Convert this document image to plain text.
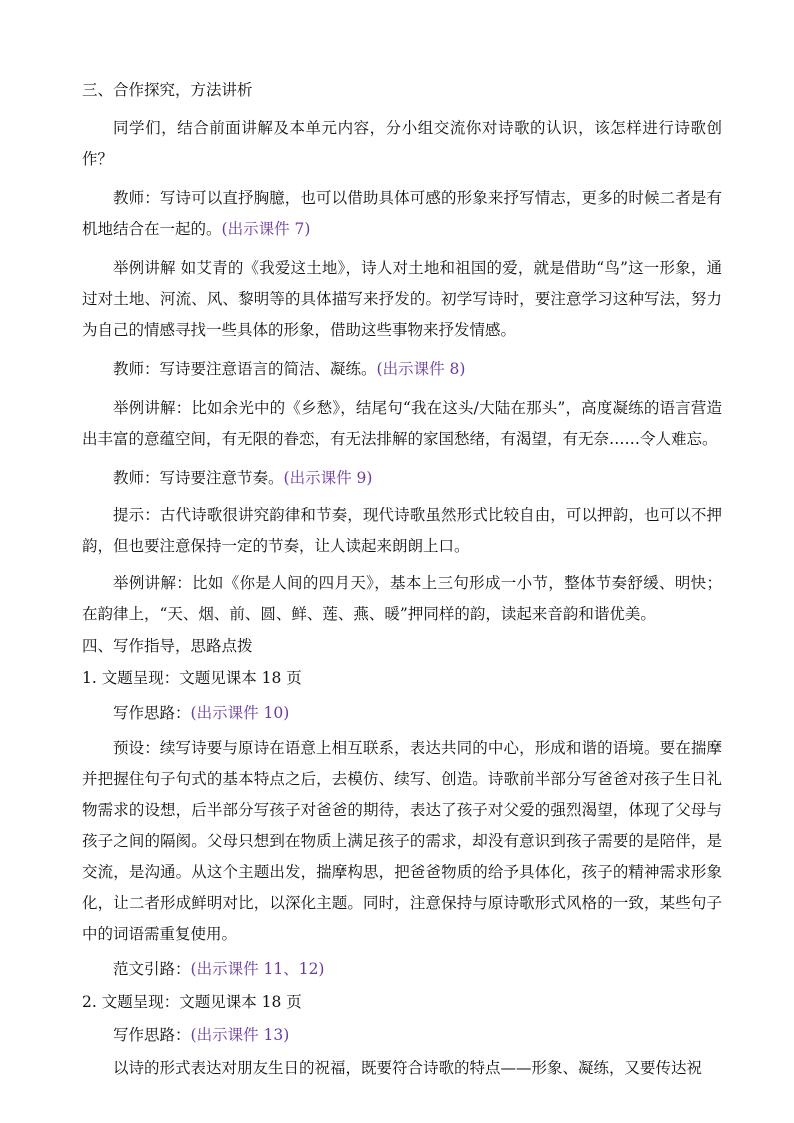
三、合作探究，方法讲析

同学们，结合前面讲解及本单元内容，分小组交流你对诗歌的认识，该怎样进行诗歌创作？

教师：写诗可以直抒胸臆，也可以借助具体可感的形象来抒写情志，更多的时候二者是有机地结合在一起的。(出示课件 7)

举例讲解 如艾青的《我爱这土地》，诗人对土地和祖国的爱，就是借助“鸟”这一形象，通过对土地、河流、风、黎明等的具体描写来抒发的。初学写诗时，要注意学习这种写法，努力为自己的情感寻找一些具体的形象，借助这些事物来抒发情感。

教师：写诗要注意语言的简洁、凝练。(出示课件 8)

举例讲解：比如余光中的《乡愁》，结尾句“我在这头/大陆在那头”，高度凝练的语言营造出丰富的意蕴空间，有无限的眷恋，有无法排解的家国愁绪，有渴望，有无奈……令人难忘。

教师：写诗要注意节奏。(出示课件 9)

提示：古代诗歌很讲究韵律和节奏，现代诗歌虽然形式比较自由，可以押韵，也可以不押韵，但也要注意保持一定的节奏，让人读起来朗朗上口。

举例讲解：比如《你是人间的四月天》，基本上三句形成一小节，整体节奏舒缓、明快；在韵律上，“天、烟、前、圆、鲜、莲、燕、暖”押同样的韵，读起来音韵和谐优美。

四、写作指导，思路点拨

1. 文题呈现：文题见课本 18 页

写作思路：(出示课件 10)

预设：续写诗要与原诗在语意上相互联系，表达共同的中心，形成和谐的语境。要在揣摩并把握住句子句式的基本特点之后，去模仿、续写、创造。诗歌前半部分写爸爸对孩子生日礼物需求的设想，后半部分写孩子对爸爸的期待，表达了孩子对父爱的强烈渴望，体现了父母与孩子之间的隔阂。父母只想到在物质上满足孩子的需求，却没有意识到孩子需要的是陪伴，是交流，是沟通。从这个主题出发，揣摩构思，把爸爸物质的给予具体化，孩子的精神需求形象化，让二者形成鲜明对比，以深化主题。同时，注意保持与原诗歌形式风格的一致，某些句子中的词语需重复使用。

范文引路：(出示课件 11、12)

2. 文题呈现：文题见课本 18 页

写作思路：(出示课件 13)

以诗的形式表达对朋友生日的祝福，既要符合诗歌的特点——形象、凝练，又要传达祝
